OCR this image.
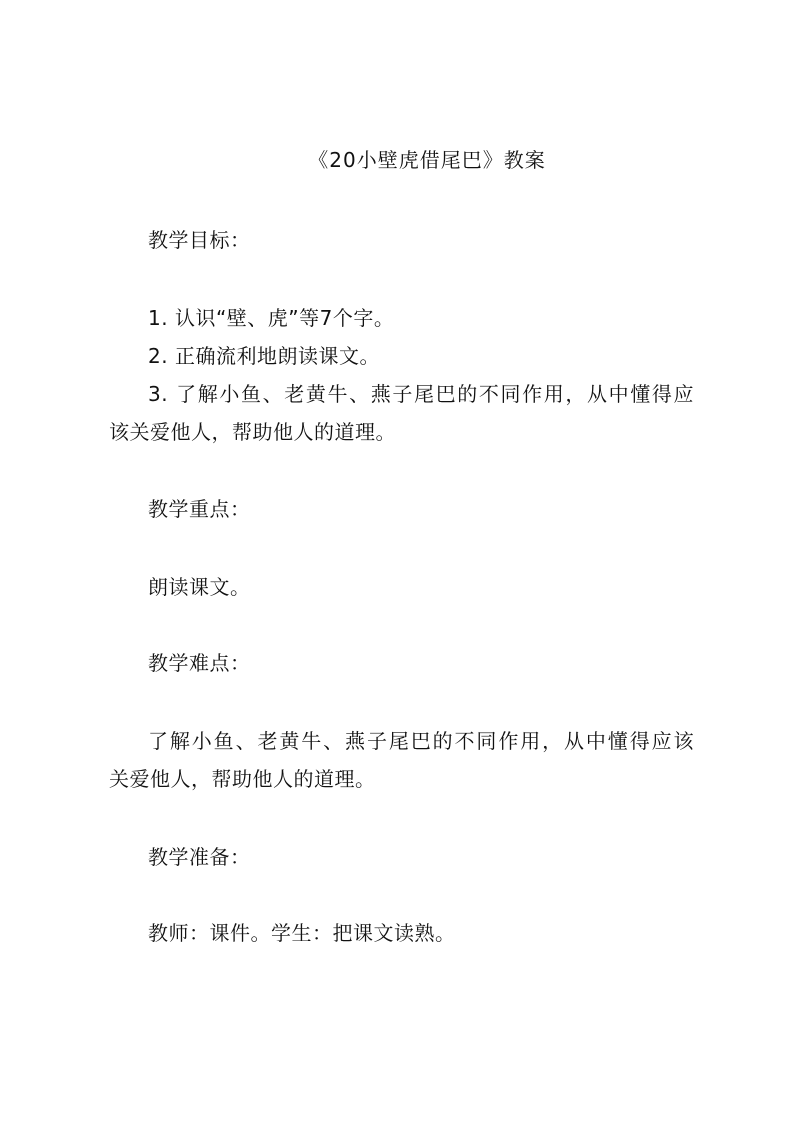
《20小壁虎借尾巴》教案
教学目标：
1. 认识“壁、虎”等7个字。
2. 正确流利地朗读课文。
3. 了解小鱼、老黄牛、燕子尾巴的不同作用，从中懂得应
该关爱他人，帮助他人的道理。
教学重点：
朗读课文。
教学难点：
了解小鱼、老黄牛、燕子尾巴的不同作用，从中懂得应该
关爱他人，帮助他人的道理。
教学准备：
教师：课件。学生：把课文读熟。
